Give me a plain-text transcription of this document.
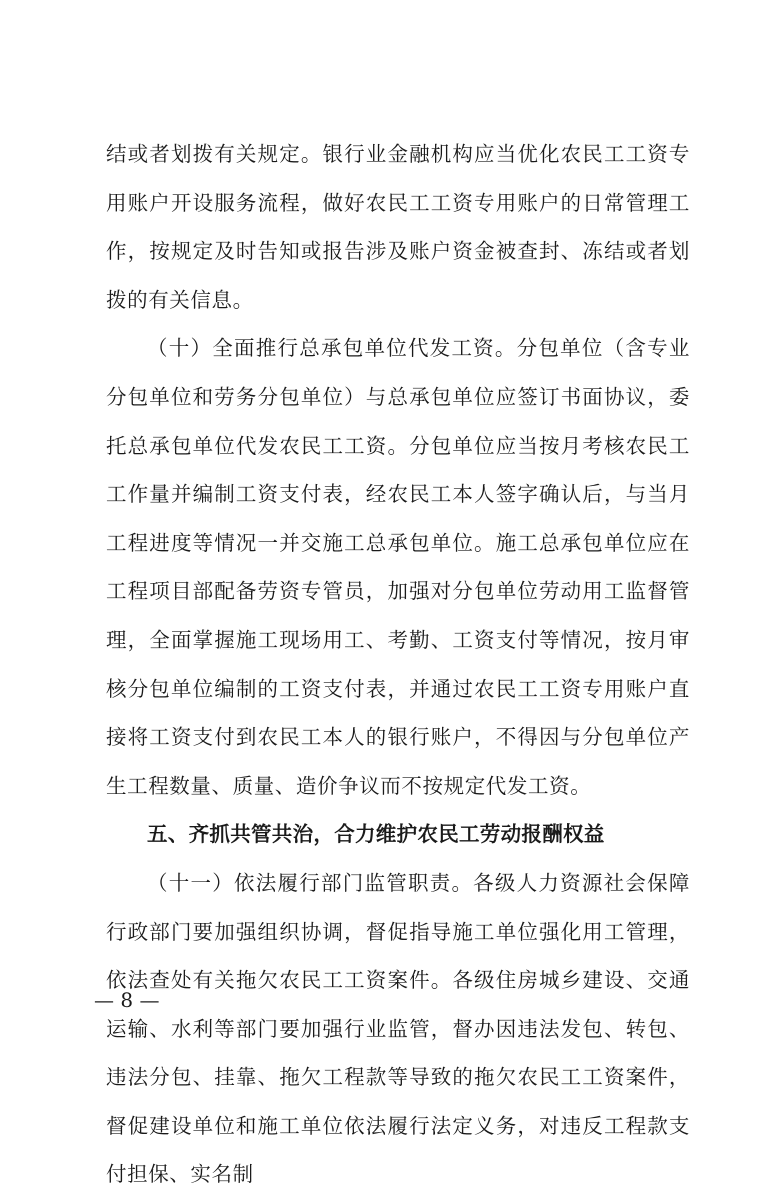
结或者划拨有关规定。银行业金融机构应当优化农民工工资专用账户开设服务流程，做好农民工工资专用账户的日常管理工作，按规定及时告知或报告涉及账户资金被查封、冻结或者划拨的有关信息。

（十）全面推行总承包单位代发工资。分包单位（含专业分包单位和劳务分包单位）与总承包单位应签订书面协议，委托总承包单位代发农民工工资。分包单位应当按月考核农民工工作量并编制工资支付表，经农民工本人签字确认后，与当月工程进度等情况一并交施工总承包单位。施工总承包单位应在工程项目部配备劳资专管员，加强对分包单位劳动用工监督管理，全面掌握施工现场用工、考勤、工资支付等情况，按月审核分包单位编制的工资支付表，并通过农民工工资专用账户直接将工资支付到农民工本人的银行账户，不得因与分包单位产生工程数量、质量、造价争议而不按规定代发工资。

五、齐抓共管共治，合力维护农民工劳动报酬权益

（十一）依法履行部门监管职责。各级人力资源社会保障行政部门要加强组织协调，督促指导施工单位强化用工管理，依法查处有关拖欠农民工工资案件。各级住房城乡建设、交通运输、水利等部门要加强行业监管，督办因违法发包、转包、违法分包、挂靠、拖欠工程款等导致的拖欠农民工工资案件，督促建设单位和施工单位依法履行法定义务，对违反工程款支付担保、实名制

— 8 —
